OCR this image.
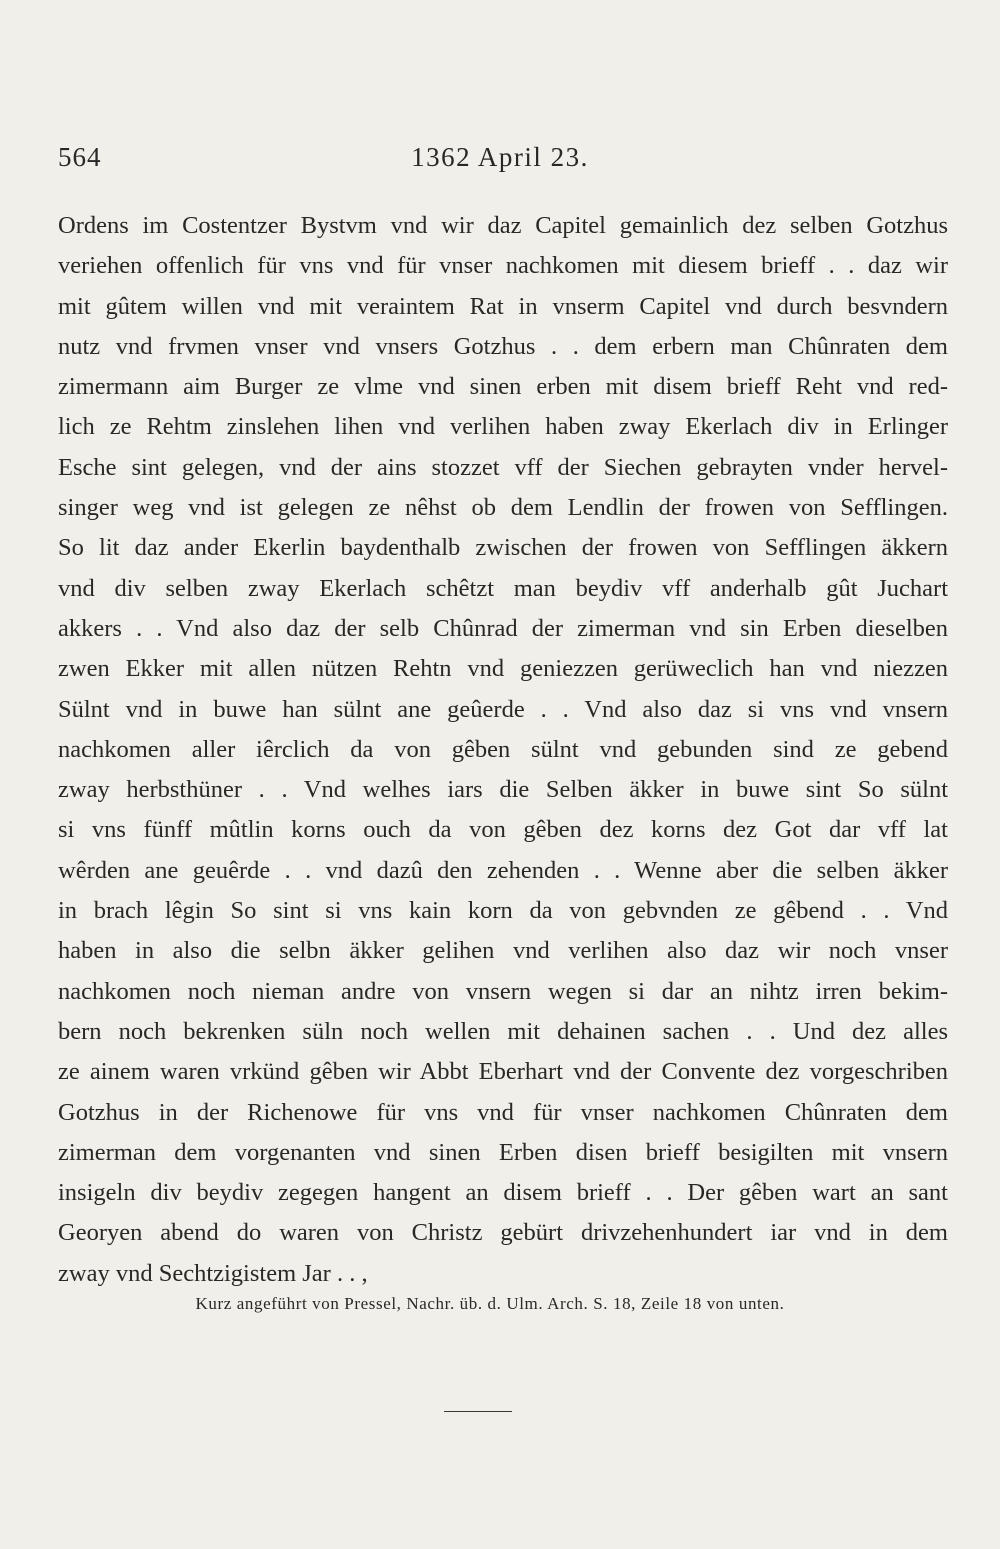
564	1362 April 23.
Ordens im Costentzer Bystvm vnd wir daz Capitel gemainlich dez selben Gotzhus
veriehen offenlich für vns vnd für vnser nachkomen mit diesem brieff . . daz wir
mit gûtem willen vnd mit veraintem Rat in vnserm Capitel vnd durch besvndern
nutz vnd frvmen vnser vnd vnsers Gotzhus . . dem erbern man Chûnraten dem
zimermann aim Burger ze vlme vnd sinen erben mit disem brieff Reht vnd red-
lich ze Rehtm zinslehen lihen vnd verlihen haben zway Ekerlach div in Erlinger
Esche sint gelegen, vnd der ains stozzet vff der Siechen gebrayten vnder hervel-
singer weg vnd ist gelegen ze nêhst ob dem Lendlin der frowen von Sefflingen.
So lit daz ander Ekerlin baydenthalb zwischen der frowen von Sefflingen äkkern
vnd div selben zway Ekerlach schêtzt man beydiv vff anderhalb gût Juchart
akkers . . Vnd also daz der selb Chûnrad der zimerman vnd sin Erben dieselben
zwen Ekker mit allen nützen Rehtn vnd geniezzen gerüweclich han vnd niezzen
Sülnt vnd in buwe han sülnt ane geûerde . . Vnd also daz si vns vnd vnsern
nachkomen aller iêrclich da von gêben sülnt vnd gebunden sind ze gebend
zway herbsthüner . . Vnd welhes iars die Selben äkker in buwe sint So sülnt
si vns fünff mûtlin korns ouch da von gêben dez korns dez Got dar vff lat
wêrden ane geuêrde . . vnd dazû den zehenden . . Wenne aber die selben äkker
in brach lêgin So sint si vns kain korn da von gebvnden ze gêbend . . Vnd
haben in also die selbn äkker gelihen vnd verlihen also daz wir noch vnser
nachkomen noch nieman andre von vnsern wegen si dar an nihtz irren bekim-
bern noch bekrenken süln noch wellen mit dehainen sachen . . Und dez alles
ze ainem waren vrkünd gêben wir Abbt Eberhart vnd der Convente dez vorgeschriben
Gotzhus in der Richenowe für vns vnd für vnser nachkomen Chûnraten dem
zimerman dem vorgenanten vnd sinen Erben disen brieff besigilten mit vnsern
insigeln div beydiv zegegen hangent an disem brieff . . Der gêben wart an sant
Georyen abend do waren von Christz gebürt drivzehenhundert iar vnd in dem
zway vnd Sechtzigistem Jar . . ,
Kurz angeführt von Pressel, Nachr. üb. d. Ulm. Arch. S. 18, Zeile 18 von unten.
